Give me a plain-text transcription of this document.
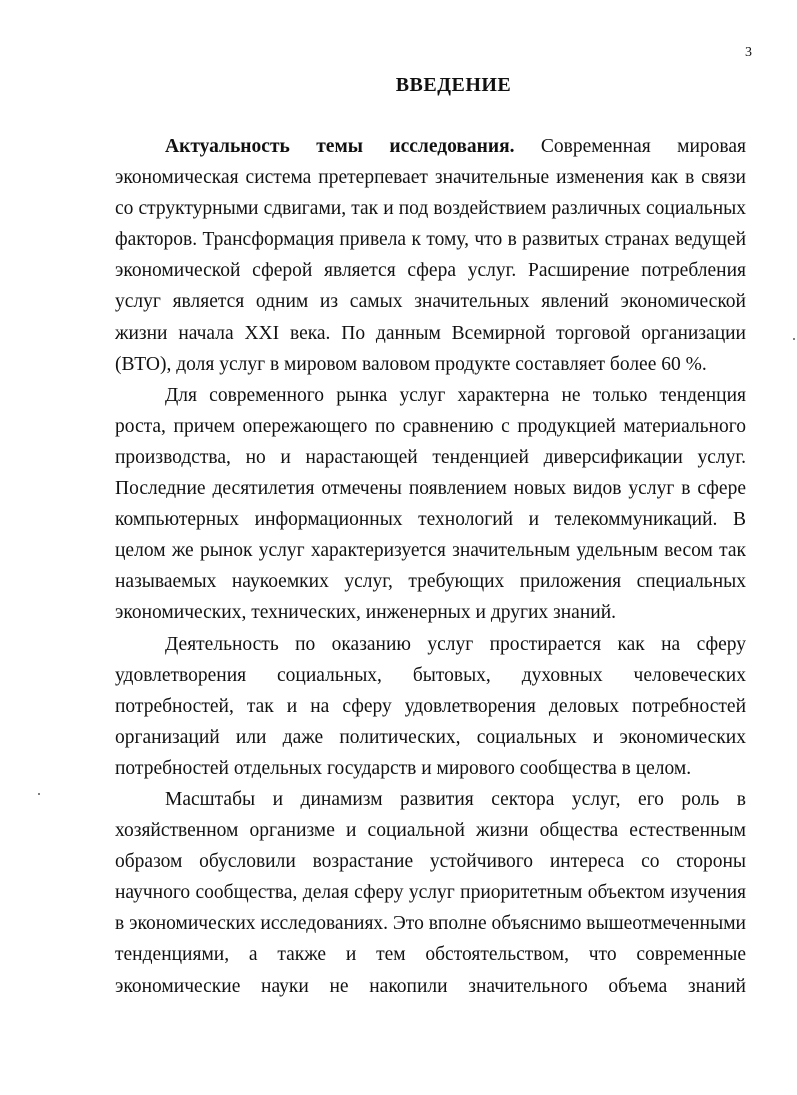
3
ВВЕДЕНИЕ

Актуальность темы исследования. Современная мировая экономическая система претерпевает значительные изменения как в связи со структурными сдвигами, так и под воздействием различных социальных факторов. Трансформация привела к тому, что в развитых странах ведущей экономической сферой является сфера услуг. Расширение потребления услуг является одним из самых значительных явлений экономической жизни начала XXI века. По данным Всемирной торговой организации (ВТО), доля услуг в мировом валовом продукте составляет более 60 %.

Для современного рынка услуг характерна не только тенденция роста, причем опережающего по сравнению с продукцией материального производства, но и нарастающей тенденцией диверсификации услуг. Последние десятилетия отмечены появлением новых видов услуг в сфере компьютерных информационных технологий и телекоммуникаций. В целом же рынок услуг характеризуется значительным удельным весом так называемых наукоемких услуг, требующих приложения специальных экономических, технических, инженерных и других знаний.

Деятельность по оказанию услуг простирается как на сферу удовлетворения социальных, бытовых, духовных человеческих потребностей, так и на сферу удовлетворения деловых потребностей организаций или даже политических, социальных и экономических потребностей отдельных государств и мирового сообщества в целом.

Масштабы и динамизм развития сектора услуг, его роль в хозяйственном организме и социальной жизни общества естественным образом обусловили возрастание устойчивого интереса со стороны научного сообщества, делая сферу услуг приоритетным объектом изучения в экономических исследованиях. Это вполне объяснимо вышеотмеченными тенденциями, а также и тем обстоятельством, что современные экономические науки не накопили значительного объема знаний
